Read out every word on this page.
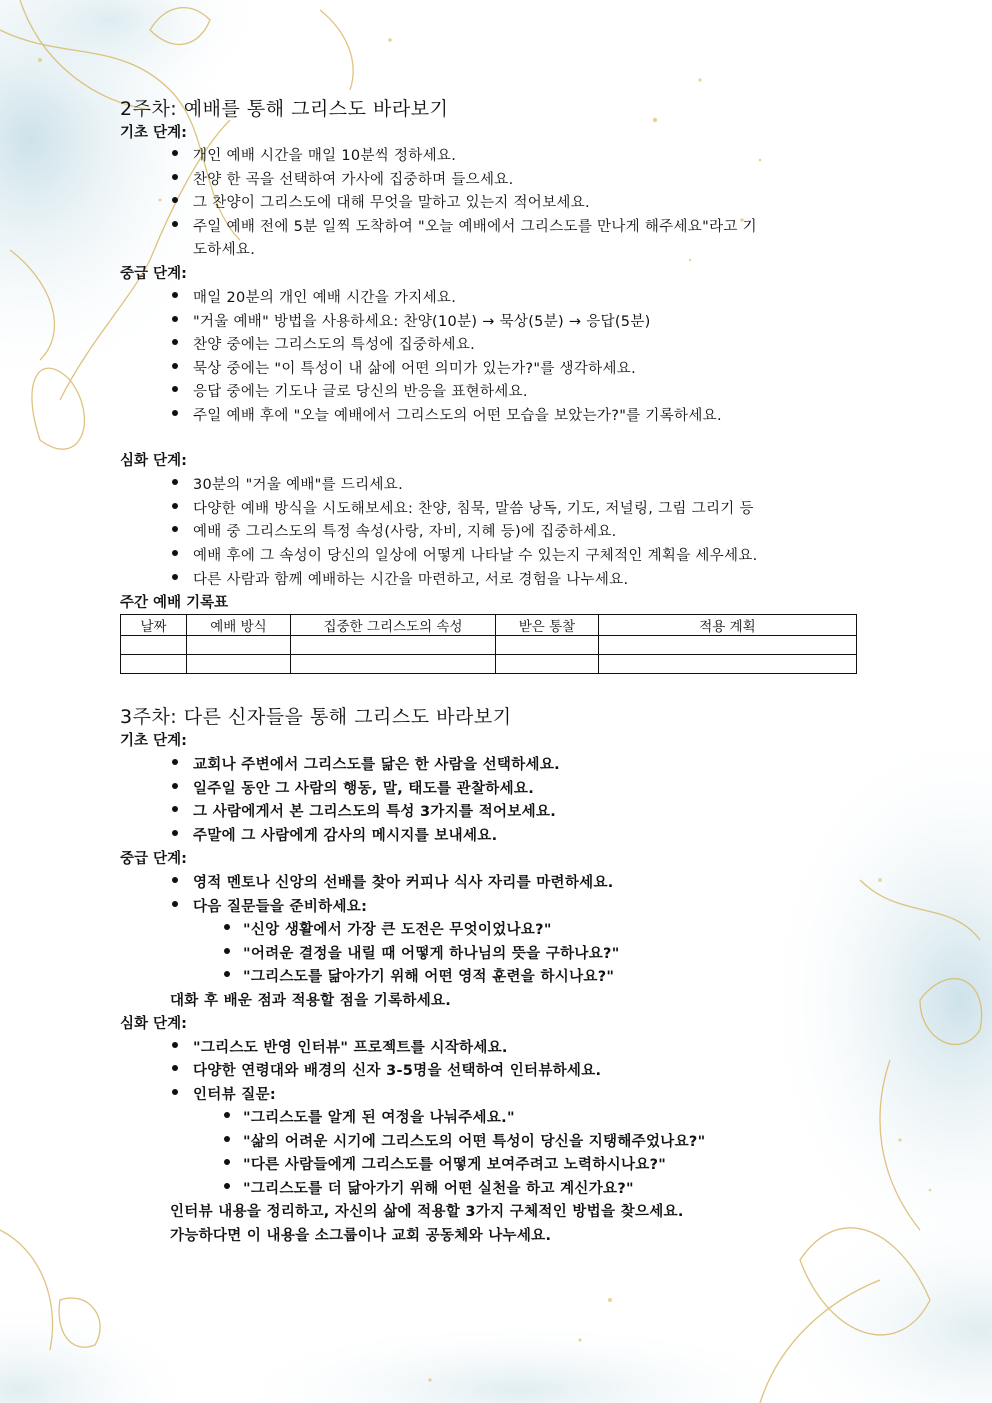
2주차: 예배를 통해 그리스도 바라보기
기초 단계:
개인 예배 시간을 매일 10분씩 정하세요.
찬양 한 곡을 선택하여 가사에 집중하며 들으세요.
그 찬양이 그리스도에 대해 무엇을 말하고 있는지 적어보세요.
주일 예배 전에 5분 일찍 도착하여 "오늘 예배에서 그리스도를 만나게 해주세요"라고 기
도하세요.
중급 단계:
매일 20분의 개인 예배 시간을 가지세요.
"거울 예배" 방법을 사용하세요: 찬양(10분) → 묵상(5분) → 응답(5분)
찬양 중에는 그리스도의 특성에 집중하세요.
묵상 중에는 "이 특성이 내 삶에 어떤 의미가 있는가?"를 생각하세요.
응답 중에는 기도나 글로 당신의 반응을 표현하세요.
주일 예배 후에 "오늘 예배에서 그리스도의 어떤 모습을 보았는가?"를 기록하세요.
심화 단계:
30분의 "거울 예배"를 드리세요.
다양한 예배 방식을 시도해보세요: 찬양, 침묵, 말씀 낭독, 기도, 저널링, 그림 그리기 등
예배 중 그리스도의 특정 속성(사랑, 자비, 지혜 등)에 집중하세요.
예배 후에 그 속성이 당신의 일상에 어떻게 나타날 수 있는지 구체적인 계획을 세우세요.
다른 사람과 함께 예배하는 시간을 마련하고, 서로 경험을 나누세요.
주간 예배 기록표
날짜	예배 방식	집중한 그리스도의 속성	받은 통찰	적용 계획

3주차: 다른 신자들을 통해 그리스도 바라보기
기초 단계:
교회나 주변에서 그리스도를 닮은 한 사람을 선택하세요.
일주일 동안 그 사람의 행동, 말, 태도를 관찰하세요.
그 사람에게서 본 그리스도의 특성 3가지를 적어보세요.
주말에 그 사람에게 감사의 메시지를 보내세요.
중급 단계:
영적 멘토나 신앙의 선배를 찾아 커피나 식사 자리를 마련하세요.
다음 질문들을 준비하세요:
"신앙 생활에서 가장 큰 도전은 무엇이었나요?"
"어려운 결정을 내릴 때 어떻게 하나님의 뜻을 구하나요?"
"그리스도를 닮아가기 위해 어떤 영적 훈련을 하시나요?"
대화 후 배운 점과 적용할 점을 기록하세요.
심화 단계:
"그리스도 반영 인터뷰" 프로젝트를 시작하세요.
다양한 연령대와 배경의 신자 3-5명을 선택하여 인터뷰하세요.
인터뷰 질문:
"그리스도를 알게 된 여정을 나눠주세요."
"삶의 어려운 시기에 그리스도의 어떤 특성이 당신을 지탱해주었나요?"
"다른 사람들에게 그리스도를 어떻게 보여주려고 노력하시나요?"
"그리스도를 더 닮아가기 위해 어떤 실천을 하고 계신가요?"
인터뷰 내용을 정리하고, 자신의 삶에 적용할 3가지 구체적인 방법을 찾으세요.
가능하다면 이 내용을 소그룹이나 교회 공동체와 나누세요.
